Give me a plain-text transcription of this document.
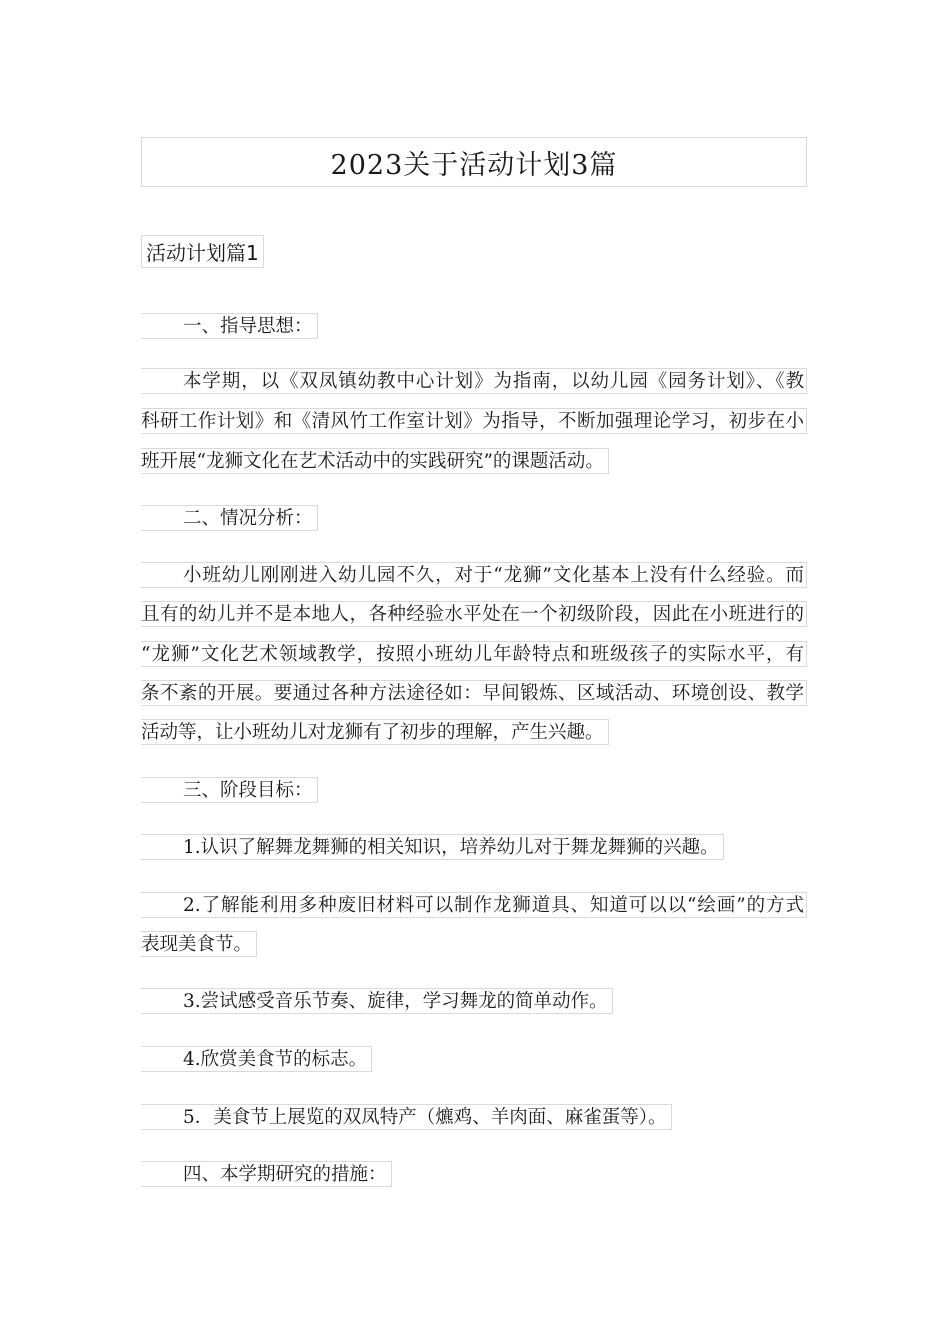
2023关于活动计划3篇
活动计划篇1
一、指导思想：
本学期，以《双凤镇幼教中心计划》为指南，以幼儿园《园务计划》、《教
科研工作计划》和《清风竹工作室计划》为指导，不断加强理论学习，初步在小
班开展“龙狮文化在艺术活动中的实践研究”的课题活动。
二、情况分析：
小班幼儿刚刚进入幼儿园不久，对于“龙狮”文化基本上没有什么经验。而
且有的幼儿并不是本地人，各种经验水平处在一个初级阶段，因此在小班进行的
“龙狮”文化艺术领域教学，按照小班幼儿年龄特点和班级孩子的实际水平，有
条不紊的开展。要通过各种方法途径如：早间锻炼、区域活动、环境创设、教学
活动等，让小班幼儿对龙狮有了初步的理解，产生兴趣。
三、阶段目标：
1.认识了解舞龙舞狮的相关知识，培养幼儿对于舞龙舞狮的兴趣。
2.了解能利用多种废旧材料可以制作龙狮道具、知道可以以“绘画”的方式
表现美食节。
3.尝试感受音乐节奏、旋律，学习舞龙的简单动作。
4.欣赏美食节的标志。
5．美食节上展览的双凤特产（爊鸡、羊肉面、麻雀蛋等）。
四、本学期研究的措施：
